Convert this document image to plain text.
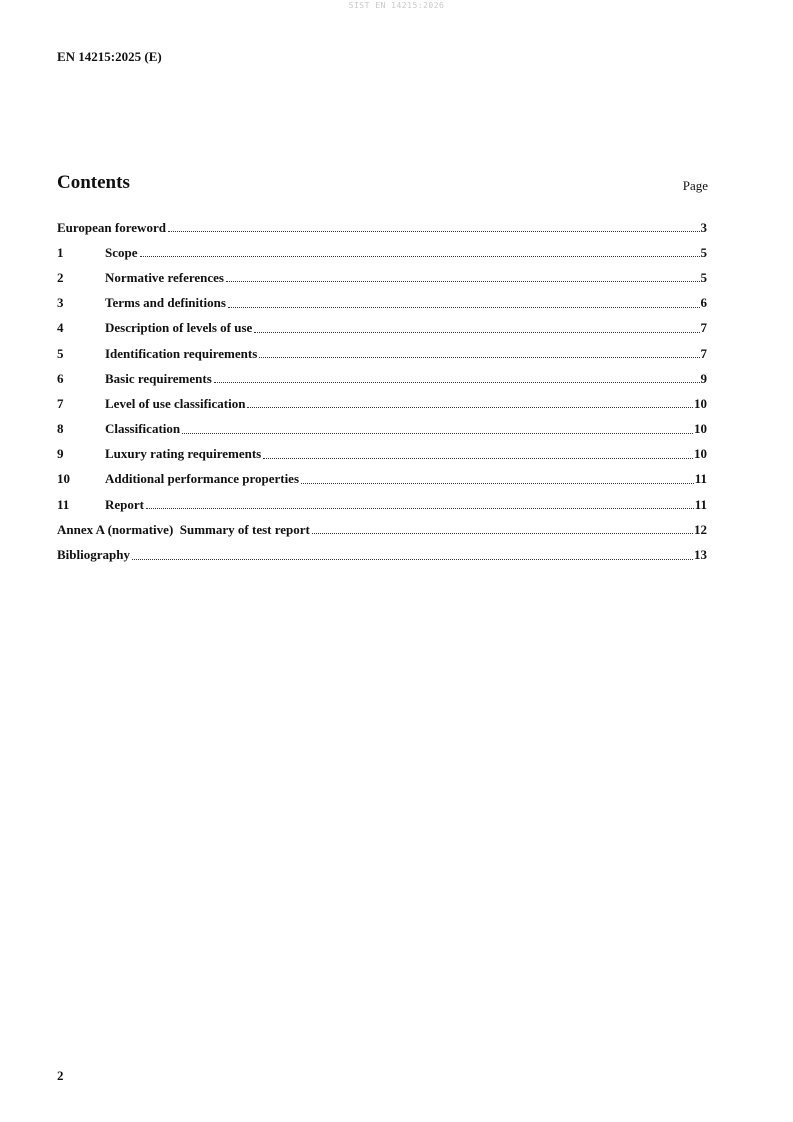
SIST EN 14215:2026
EN 14215:2025 (E)
Contents	Page
European foreword	3
1	Scope	5
2	Normative references	5
3	Terms and definitions	6
4	Description of levels of use	7
5	Identification requirements	7
6	Basic requirements	9
7	Level of use classification	10
8	Classification	10
9	Luxury rating requirements	10
10	Additional performance properties	11
11	Report	11
Annex A (normative)  Summary of test report	12
Bibliography	13
2
